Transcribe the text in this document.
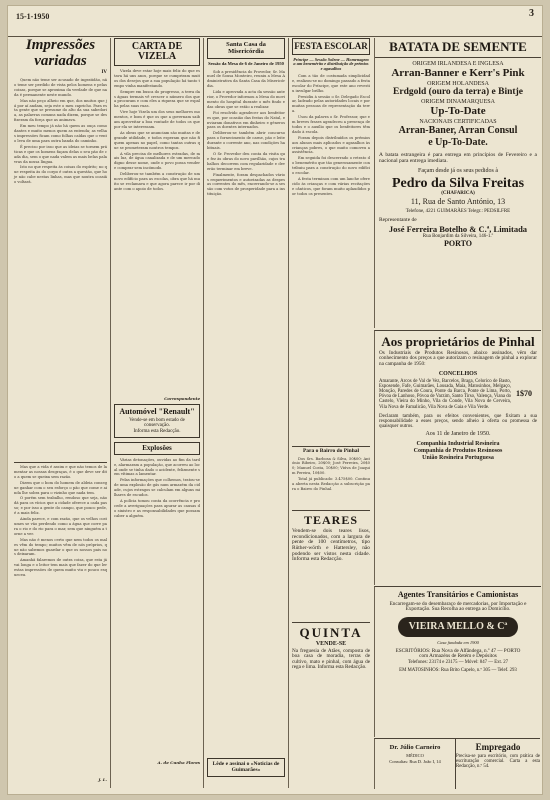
15-1-1950	3
Impressões
variadas
IV

Quem não teme ser acusado de ingratidão, não teme ser perdido de vista pelos homens e pelas coisas, porque se aproxima da verdade de que nada é permanente neste mundo.

Mas não peço alheio em que, dos muitos que já por aí andam, seja este o meu capricho. Para esta gente que se presume do alto da sua sabedoria, as palavras comuns nada dizem, porque se desfizeram da força que as animava.

Em meu tempo já não há quem as ouça como dantes e muito menos quem as entenda; as velhas impressões ficam como folhas caídas que o vento leva de uma para outra banda do caminho.

É preciso por isso que as ideias se tornem práticas e que os homens façam delas o seu pão de cada dia, sem o que nada valem as mais belas palavras da nossa língua.

Isto no que respeita às coisas do espírito; no que respeita às do corpo é outra a questão, que hoje não cabe nestas linhas, mas que noutra ocasião voltará.

Mas que a vida é assim e que não temos de lamentar as nossas desgraças, é o que deve ser dito a quem se queixa sem razão.

Dizem que o bom do homem de aldeia consegue ganhar com o seu esforço o pão que come e ainda lhe sobra para o vizinho que nada tem.

O porém sem trabalho, rendoso que seja, não dá para os vícios que a cidade oferece a cada passo; e por isso a gente do campo, que pouco pede, é a mais feliz.

Ainda parece, e com razão, que os velhos costumes se vão perdendo como a água que corre para o rio e do rio para o mar, sem que ninguém a torne a ver.

Mas não é menos certo que nem todos os males vêm do tempo; muitos vêm de nós próprios, que não sabemos guardar o que os nossos pais nos deixaram.

Amanhã falaremos de outra coisa, que esta já vai longa e o leitor tem mais que fazer do que ler estas impressões de quem muito viu e pouco esqueceu.

J. L.
CARTA DE VIZELA

Vizela deve estar hoje mais feliz do que estava há uns anos, porque se cumpriram muitos dos desejos que a sua população há tanto tempo vinha manifestando.

Sempre em busca do progresso, a terra das águas termais vê crescer o número dos que a procuram e com eles a riqueza que se espalha pelas suas ruas.

Vive hoje Vizela um dos seus melhores momentos, e bom é que os que a governam saibam aproveitar a boa vontade de todos os que por ela se interessam.

As obras que se anunciam são muitas e de grande utilidade, e todos esperam que não fiquem apenas no papel, como tantas outras que se prometeram noutros tempos.

A vila precisa de melhores estradas, de mais luz, de água canalizada e de um mercado digno desse nome, onde o povo possa vender e comprar sem incómodo.

Deliberou-se também a construção de um novo edifício para as escolas, obra que há muito se reclamava e que agora parece ir por diante com o apoio de todos.

Correspondente
Automóvel "Renault"
Vende-se em bom estado de conservação.
Informa esta Redacção.
Explosões

Várias detonações, ouvidas ao fim da tarde, alarmaram a população, que acorreu ao local onde se tinha dado o acidente, felizmente sem vítimas a lamentar.

Pelas informações que colhemos, tratou-se de uma explosão de gás num armazém da cidade, cujos estragos se calculam em alguns milhares de escudos.

A polícia tomou conta da ocorrência e procede a averiguações para apurar as causas do sinistro e as responsabilidades que possam caber a alguém.

A. de Cunha Flores
Santa Casa da Misericórdia
Sessão da Mesa de 6 de Janeiro de 1950

Sob a presidência do Provedor, Sr. Manuel de Sousa Monteiro, reuniu a Mesa Administrativa da Santa Casa da Misericórdia.

Lida e aprovada a acta da sessão anterior, o Provedor informou a Mesa do movimento do hospital durante o mês findo e das obras que se estão a realizar.

Foi resolvido agradecer aos benfeitores que, por ocasião das festas do Natal, enviaram donativos em dinheiro e géneros para os doentes internados.

Deliberou-se também abrir concurso para o fornecimento de carne, pão e leite durante o corrente ano, nas condições habituais.

O Sr. Provedor deu conta da visita que fez às obras do novo pavilhão, cujos trabalhos decorrem com regularidade e deverão terminar em breve.

Finalmente, foram despachados vários requerimentos e autorizadas as despesas correntes do mês, encerrando-se a sessão com votos de prosperidade para a instituição.

FESTA ESCOLAR
Príncipe — Sessão Solene — Homenagem a um benemérito e distribuição de prémios e agasalhos

Com a tão de costumada simplicidade, realizou-se no domingo passado a festa escolar do Príncipe, que este ano revestiu invulgar brilho.

Presidiu à sessão o Sr. Delegado Escolar, ladeado pelas autoridades locais e por muitas pessoas de representação da terra.

Usou da palavra o Sr. Professor, que em breves frases agradeceu a presença de todos e o auxílio que os benfeitores têm dado à escola.

Foram depois distribuídos os prémios aos alunos mais aplicados e agasalhos às crianças pobres, o que muito comoveu a assistência.

Em seguida foi descerrado o retrato do benemérito que tão generosamente contribuiu para a construção do novo edifício escolar.

A festa terminou com um lanche oferecido às crianças e com várias recitações e cânticos, que foram muito aplaudidos por todos os presentes.

BATATA DE SEMENTE
ORIGEM IRLANDESA E INGLESA
Arran-Banner e Kerr's Pink
ORIGEM HOLANDESA
Erdgold (ouro da terra) e Bintje
ORIGEM DINAMARQUESA
Up-To-Date
NACIONAIS CERTIFICADAS
Arran-Baner, Arran Consul
e Up-To-Date.
A batata estrangeira é para entrega em princípios de Fevereiro e a nacional para entrega imediata.
Façam desde já os seus pedidos à
Pedro da Silva Freitas
(CHAFARICA)
11, Rua de Santo António, 13
Telefone, 4221 GUIMARÃES Telegr.: PEDSILFRE
Representante de
José Ferreira Botelho & C.ª, Limitada
Rua Bonjardim da Silveira, 146-1.º
PORTO
Aos proprietários de Pinhal
Os Industriais de Produtos Resinosos, abaixo assinados, vêm dar conhecimento dos preços a que autorizam o resinagem de pinhal a explorar na campanha de 1950:
CONCELHOS
Amarante, Arcos de Val de Vez, Barcelos, Braga, Celorico de Basto, Esposende, Fafe, Guimarães, Lousada, Maia, Matosinhos, Melgaço, Monção, Paredes de Coura, Ponte da Barca, Ponte de Lima, Porto, Póvoa de Lanhoso, Póvoa de Varzim, Santo Tirso, Valença, Viana do Castelo, Vieira do Minho, Vila do Conde, Vila Nova de Cerveira, Vila Nova de Famalicão, Vila Nova de Gaia e Vila Verde.
1$70
Declaram também, para os efeitos convenientes, que fixitam a sua responsabilidade a esses preços, sendo alheio à oferta ou promessa de quaisquer outros.
Aos 11 de Janeiro de 1950.
Companhia Industrial Resineira
Companhia de Produtos Resinosos
União Resineira Portuguesa
TEARES
Vendem-se dois teares lisos, recondicionados, com a largura de pente de 100 centímetros, tipo Rüther-wörth e Hattersley, não podendo ser vistos nesta cidade. Informa esta Redacção.
QUINTA
VENDE-SE
Na freguesia de Atães, composta de boa casa de moradia, terras de cultivo, mato e pinhal, com água de rega e lima. Informa esta Redacção.
Agentes Transitários e Camionistas
Encarregam-se do desembaraço de mercadorias, por Importação e Exportação. Sua Recolha ao entrega ao Domicílio.
VIEIRA MELLO & Cª
Casa fundada em 1900
ESCRITÓRIOS: Rua Nova de Alfândega, n.º 47 — PORTO
com Armazéns de Retém e Depósitos
Telefones: 23174 e 23175 — Móvel: 847 — Ext. 27
EM MATOSINHOS: Rua Brito Capelo, n.º 305 — Telef. 293
Dr. Júlio Carneiro
MÉDICO
Consultas: Rua D. João I, 14
Empregado
Precisa-se para escritório, com prática de escrituração comercial. Carta a esta Redacção, n.º 54.
Para o Bairro do Pinhal

Dos Srs. Barbosa & Silva, 50$00; António Ribeiro, 20$00; José Ferreira, 20$00; Manuel Costa, 10$00; Viúva de Joaquim Pereira, 10$00.

Total já publicado: 3.475$00. Continua aberta nesta Redacção a subscrição para o Bairro do Pinhal.

Lêde e assinai o «Noticias de Guimarães»
